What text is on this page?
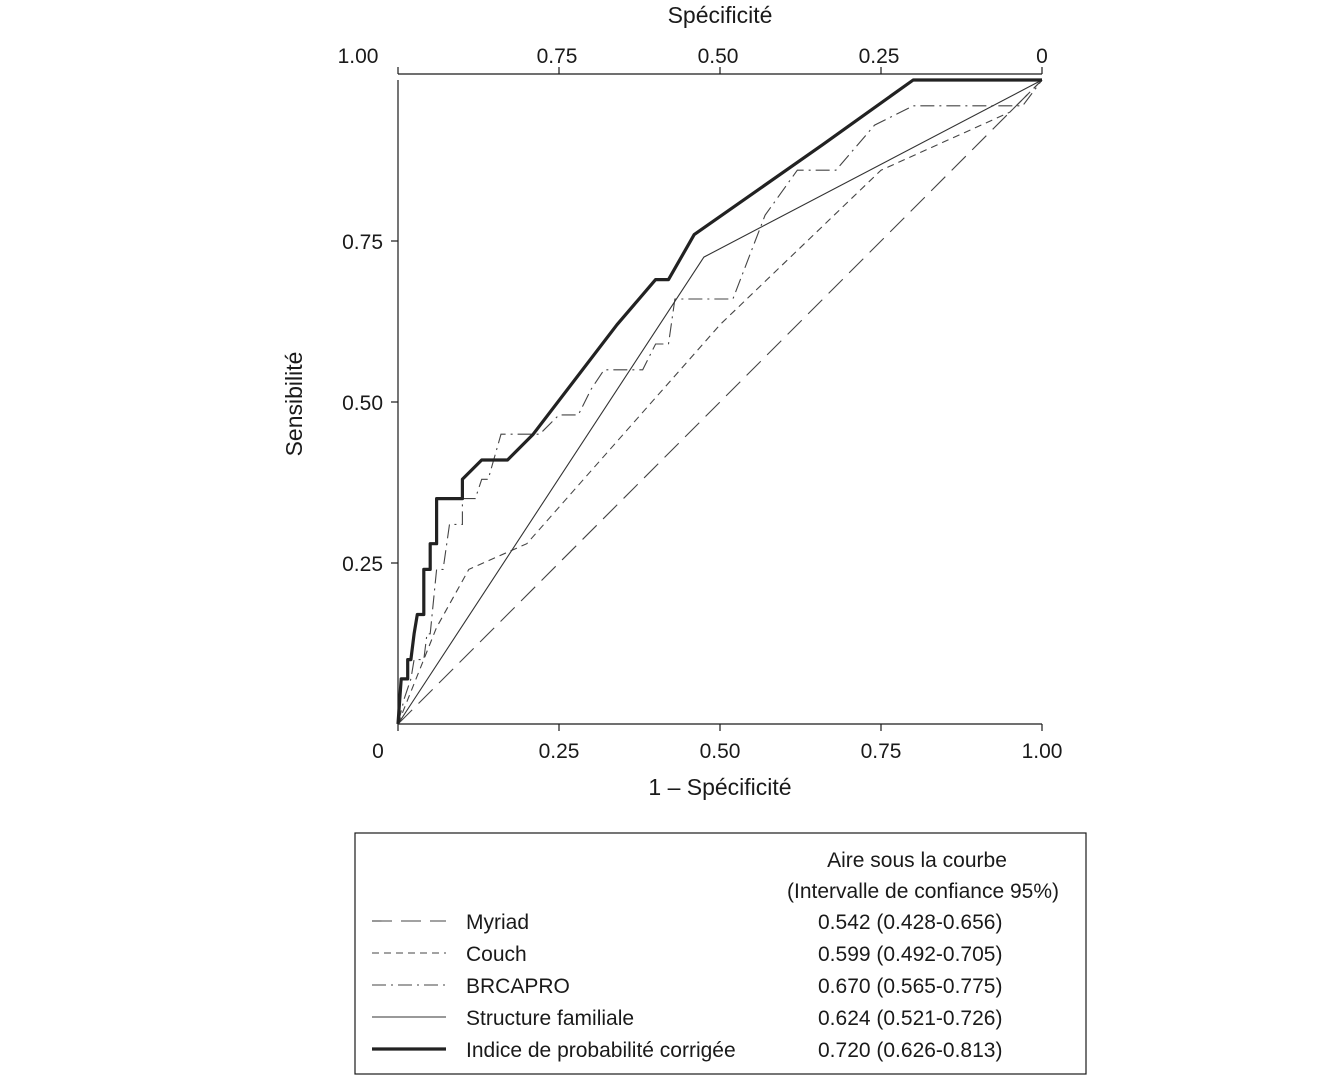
Spécificité
1 – Spécificité
Sensibilité
0	0.25	0.50	0.75	1.00
1.00	0.75	0.50	0.25	0
0.25
0.50
0.75
Aire sous la courbe
(Intervalle de confiance 95%)
Myriad	0.542 (0.428-0.656)
Couch	0.599 (0.492-0.705)
BRCAPRO	0.670 (0.565-0.775)
Structure familiale	0.624 (0.521-0.726)
Indice de probabilité corrigée	0.720 (0.626-0.813)
